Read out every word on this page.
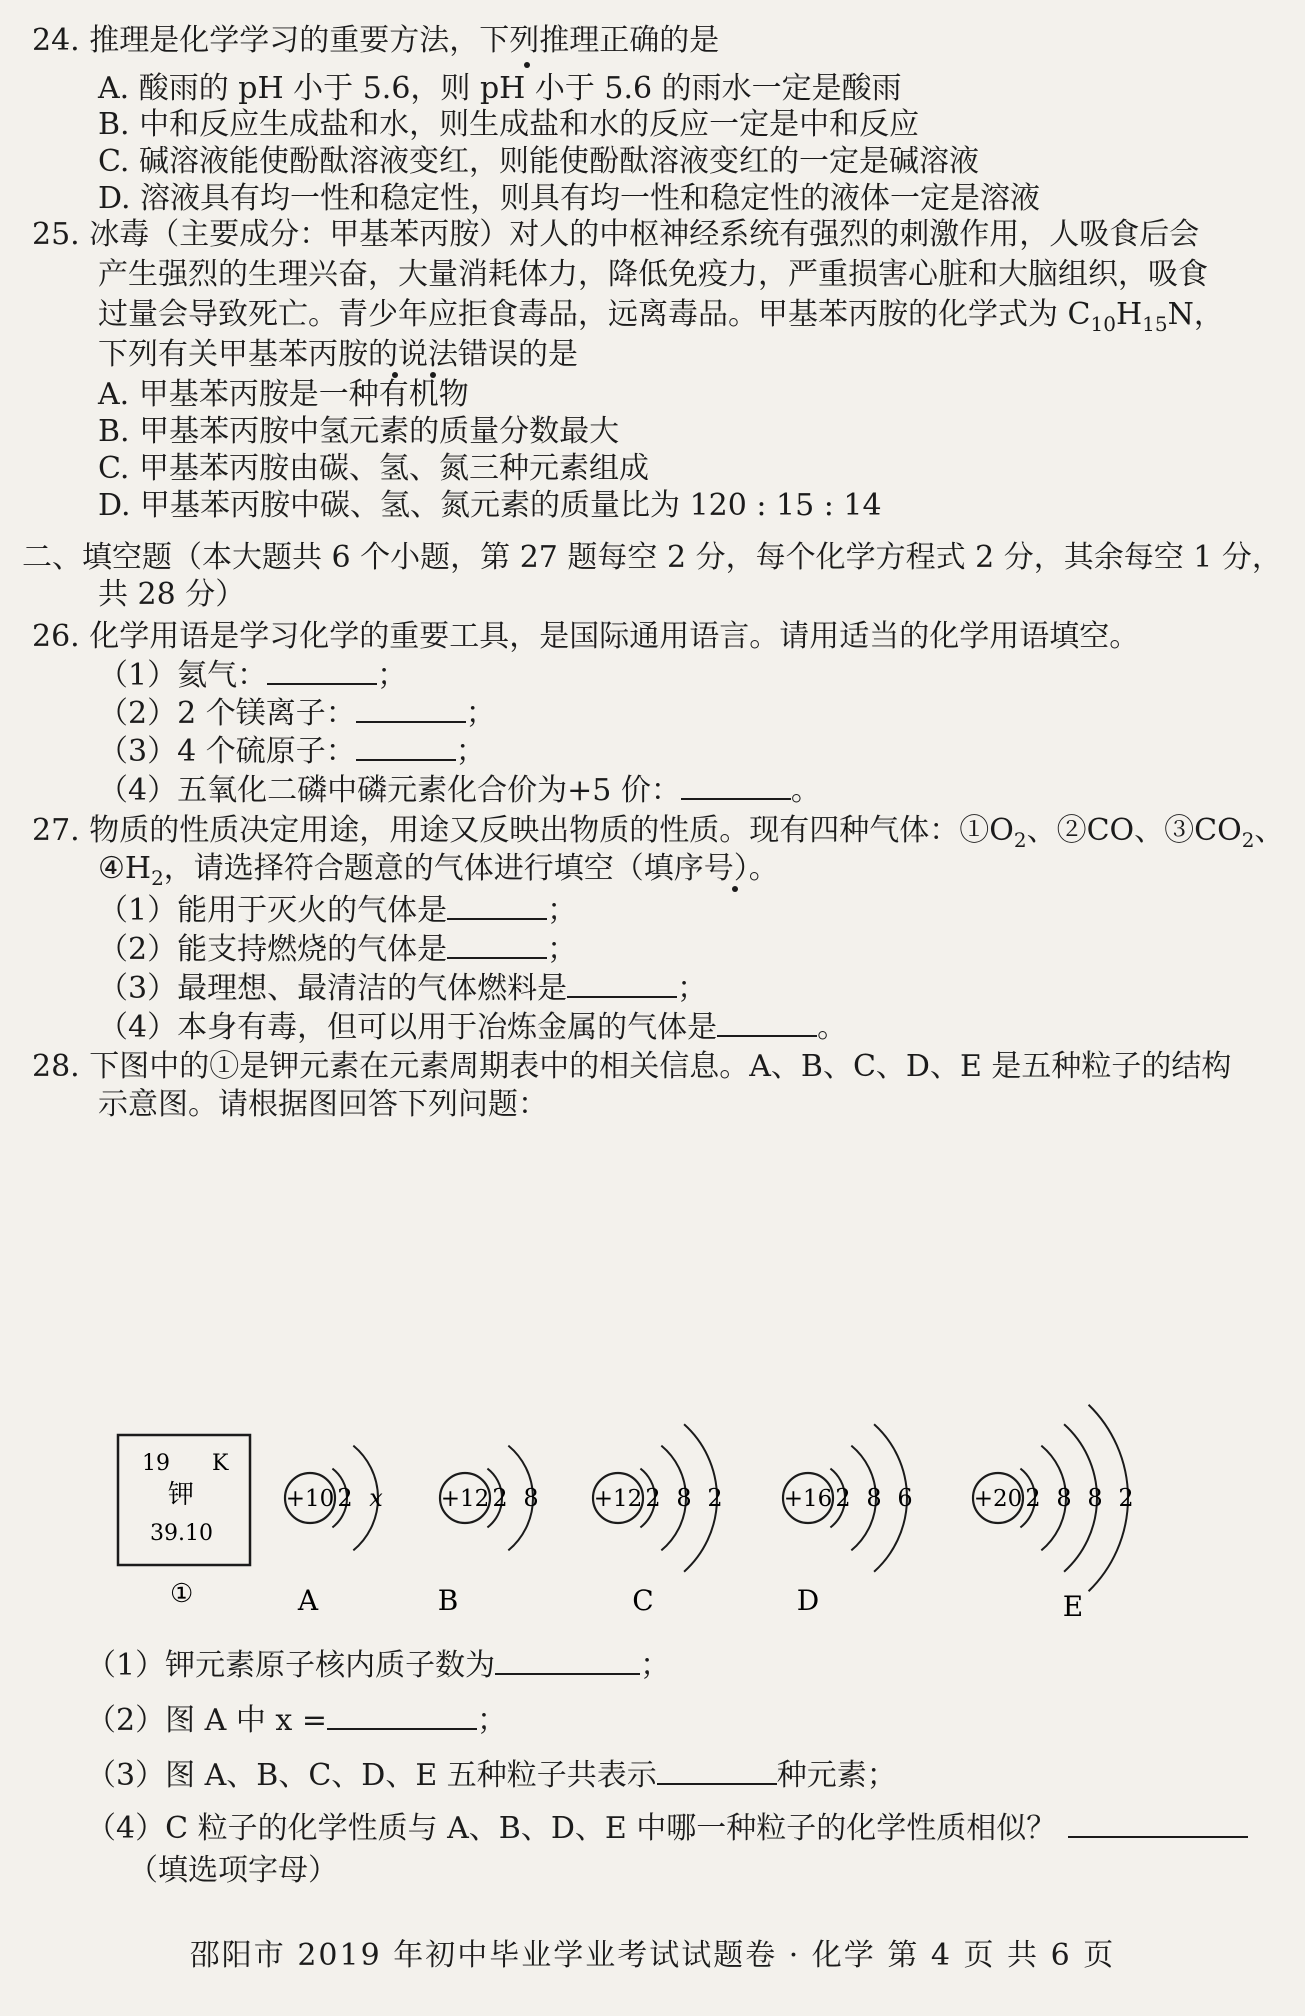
24. 推理是化学学习的重要方法，下列推理正确的是
A. 酸雨的 pH 小于 5.6，则 pH 小于 5.6 的雨水一定是酸雨
B. 中和反应生成盐和水，则生成盐和水的反应一定是中和反应
C. 碱溶液能使酚酞溶液变红，则能使酚酞溶液变红的一定是碱溶液
D. 溶液具有均一性和稳定性，则具有均一性和稳定性的液体一定是溶液
25. 冰毒（主要成分：甲基苯丙胺）对人的中枢神经系统有强烈的刺激作用，人吸食后会
产生强烈的生理兴奋，大量消耗体力，降低免疫力，严重损害心脏和大脑组织，吸食
过量会导致死亡。青少年应拒食毒品，远离毒品。甲基苯丙胺的化学式为 $C_{10}H_{15}N$，
下列有关甲基苯丙胺的说法错误的是
A. 甲基苯丙胺是一种有机物
B. 甲基苯丙胺中氢元素的质量分数最大
C. 甲基苯丙胺由碳、氢、氮三种元素组成
D. 甲基苯丙胺中碳、氢、氮元素的质量比为 120 : 15 : 14
二、填空题（本大题共 6 个小题，第 27 题每空 2 分，每个化学方程式 2 分，其余每空 1 分，
共 28 分）
26. 化学用语是学习化学的重要工具，是国际通用语言。请用适当的化学用语填空。
（1）氦气：	；
（2）2 个镁离子：	；
（3）4 个硫原子：	；
（4）五氧化二磷中磷元素化合价为+5 价：	。
27. 物质的性质决定用途，用途又反映出物质的性质。现有四种气体：$①O_2$、②CO、$③CO_2$、
$④H_2$，请选择符合题意的气体进行填空（填序号）。
（1）能用于灭火的气体是	；
（2）能支持燃烧的气体是	；
（3）最理想、最清洁的气体燃料是	；
（4）本身有毒，但可以用于冶炼金属的气体是	。
28. 下图中的①是钾元素在元素周期表中的相关信息。A、B、C、D、E 是五种粒子的结构
示意图。请根据图回答下列问题：
19 K
钾
39.10
①
+10 2 x
A
+12 2 8
B
+12 2 8 2
C
+16 2 8 6
D
+20 2 8 8 2
E
（1）钾元素原子核内质子数为	；
（2）图 A 中 x =	；
（3）图 A、B、C、D、E 五种粒子共表示	种元素；
（4）C 粒子的化学性质与 A、B、D、E 中哪一种粒子的化学性质相似？
（填选项字母）
邵阳市 2019 年初中毕业学业考试试题卷 · 化学 第 4 页 共 6 页
